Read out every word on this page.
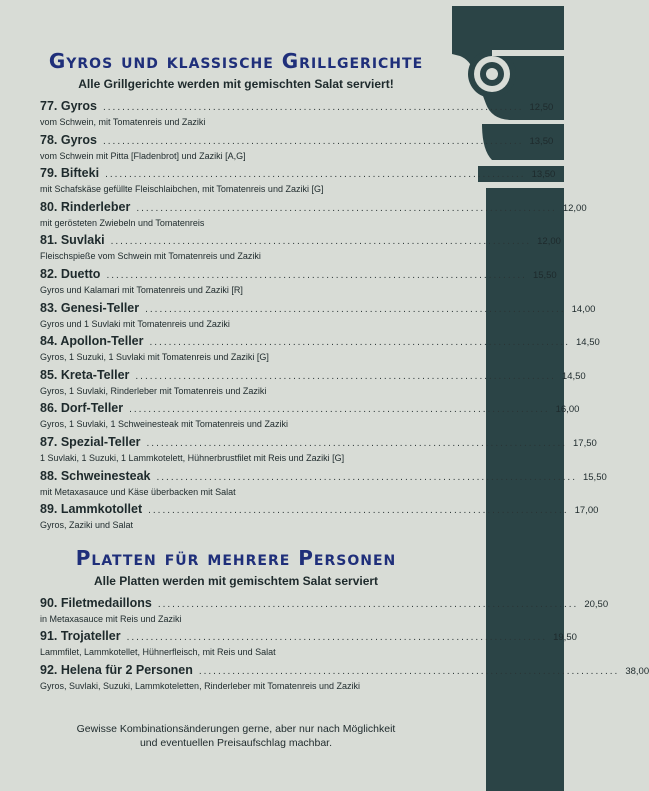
Gyros und klassische Grillgerichte
Alle Grillgerichte werden mit gemischten Salat serviert!
77. Gyros ........................................................................................ 12,50
vom Schwein, mit Tomatenreis und Zaziki
78. Gyros ........................................................................................ 13,50
vom Schwein mit Pitta [Fladenbrot] und Zaziki [A,G]
79. Bifteki ........................................................................................ 13,50
mit Schafskäse gefüllte Fleischlaibchen, mit Tomatenreis und Zaziki [G]
80. Rinderleber ........................................................................................ 12,00
mit gerösteten Zwiebeln und Tomatenreis
81. Suvlaki ........................................................................................ 12,00
Fleischspieße vom Schwein mit Tomatenreis und Zaziki
82. Duetto ........................................................................................ 15,50
Gyros und Kalamari mit Tomatenreis und Zaziki [R]
83. Genesi-Teller ........................................................................................ 14,00
Gyros und 1 Suvlaki mit Tomatenreis und Zaziki
84. Apollon-Teller ........................................................................................ 14,50
Gyros, 1 Suzuki, 1 Suvlaki mit Tomatenreis und Zaziki [G]
85. Kreta-Teller ........................................................................................ 14,50
Gyros, 1 Suvlaki, Rinderleber mit Tomatenreis und Zaziki
86. Dorf-Teller ........................................................................................ 16,00
Gyros, 1 Suvlaki, 1 Schweinesteak mit Tomatenreis und Zaziki
87. Spezial-Teller ........................................................................................ 17,50
1 Suvlaki, 1 Suzuki, 1 Lammkotelett, Hühnerbrustfilet mit Reis und Zaziki [G]
88. Schweinesteak ........................................................................................ 15,50
mit Metaxasauce und Käse überbacken mit Salat
89. Lammkotollet ........................................................................................ 17,00
Gyros, Zaziki und Salat
Platten für mehrere Personen
Alle Platten werden mit gemischtem Salat serviert
90. Filetmedaillons ........................................................................................ 20,50
in Metaxasauce mit Reis und Zaziki
91. Trojateller ........................................................................................ 19,50
Lammfilet, Lammkotellet, Hühnerfleisch, mit Reis und Salat
92. Helena für 2 Personen ........................................................................................ 38,00
Gyros, Suvlaki, Suzuki, Lammkoteletten, Rinderleber mit Tomatenreis und Zaziki
Gewisse Kombinationsänderungen gerne, aber nur nach Möglichkeit
und eventuellen Preisaufschlag machbar.
